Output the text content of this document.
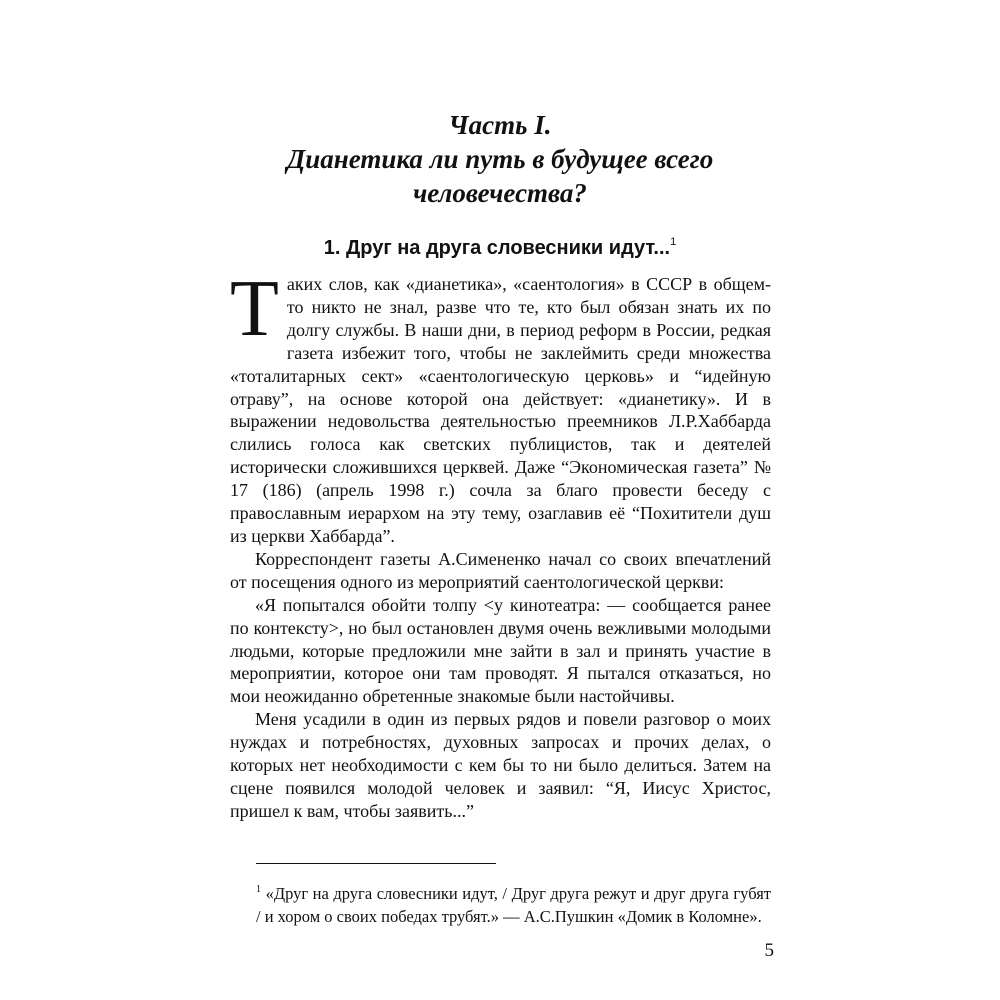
Часть I.
Дианетика ли путь в будущее всего
человечества?
1. Друг на друга словесники идут...$^1$

Таких слов, как «дианетика», «саентология» в СССР в общем-то никто не знал, разве что те, кто был обязан знать их по долгу службы. В наши дни, в период реформ в России, редкая газета избежит того, чтобы не заклеймить среди множества «тоталитарных сект» «саентологическую церковь» и “идейную отраву”, на основе которой она действует: «дианетику». И в выражении недовольства деятельностью преемников Л.Р.Хаббарда слились голоса как светских публицистов, так и деятелей исторически сложившихся церквей. Даже “Экономическая газета” № 17 (186) (апрель 1998 г.) сочла за благо провести беседу с православным иерархом на эту тему, озаглавив её “Похитители душ из церкви Хаббарда”.

Корреспондент газеты А.Симененко начал со своих впечатлений от посещения одного из мероприятий саентологической церкви:

«Я попытался обойти толпу <у кинотеатра: — сообщается ранее по контексту>, но был остановлен двумя очень вежливыми молодыми людьми, которые предложили мне зайти в зал и принять участие в мероприятии, которое они там проводят. Я пытался отказаться, но мои неожиданно обретенные знакомые были настойчивы.

Меня усадили в один из первых рядов и повели разговор о моих нуждах и потребностях, духовных запросах и прочих делах, о которых нет необходимости с кем бы то ни было делиться. Затем на сцене появился молодой человек и заявил: “Я, Иисус Христос, пришел к вам, чтобы заявить...”

$^1$ «Друг на друга словесники идут, / Друг друга режут и друг друга губят / и хором о своих победах трубят.» — А.С.Пушкин «Домик в Коломне».
5
